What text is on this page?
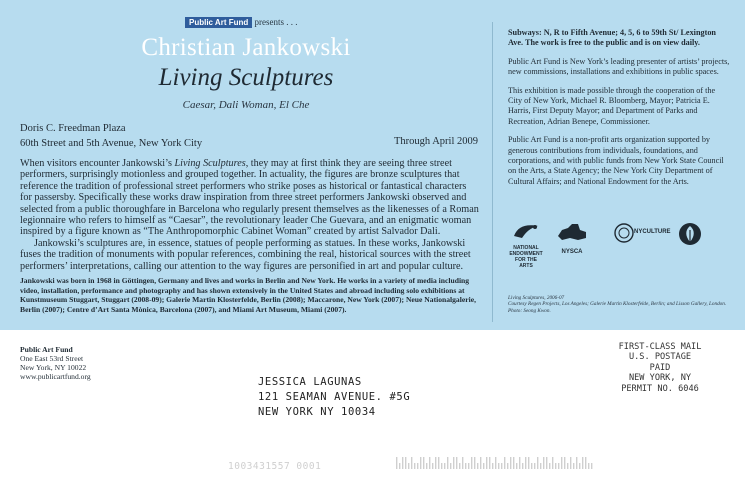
Public Art Fund presents . . .
Christian Jankowski
Living Sculptures
Caesar, Dali Woman, El Che
Doris C. Freedman Plaza
60th Street and 5th Avenue, New York City	Through April 2009

When visitors encounter Jankowski’s Living Sculptures, they may at first think they are seeing three street performers, surprisingly motionless and grouped together. In actuality, the figures are bronze sculptures that reference the tradition of professional street performers who strike poses as historical or fantastical characters for passersby. Specifically these works draw inspiration from three street performers Jankowski observed and selected from a public thoroughfare in Barcelona who regularly present themselves as the likenesses of a Roman legionnaire who refers to himself as “Caesar”, the revolutionary leader Che Guevara, and an enigmatic woman inspired by a figure known as “The Anthropomorphic Cabinet Woman” created by artist Salvador Dali.

Jankowski’s sculptures are, in essence, statues of people performing as statues. In these works, Jankowski fuses the tradition of monuments with popular references, combining the real, historical sources with the street performers’ interpretations, calling our attention to the way figures are personified in art and popular culture.

Jankowski was born in 1968 in Göttingen, Germany and lives and works in Berlin and New York. He works in a variety of media including video, installation, performance and photography and has shown extensively in the United States and abroad including solo exhibitions at Kunstmuseum Stuggart, Stuggart (2008-09); Galerie Martin Klosterfelde, Berlin (2008); Maccarone, New York (2007); Neue Nationalgalerie, Berlin (2007); Centre d’Art Santa Mònica, Barcelona (2007), and Miami Art Museum, Miami (2007).

Subways: N, R to Fifth Avenue; 4, 5, 6 to 59th St/ Lexington Ave. The work is free to the public and is on view daily.

Public Art Fund is New York’s leading presenter of artists’ projects, new commissions, installations and exhibitions in public spaces.

This exhibition is made possible through the cooperation of the City of New York, Michael R. Bloomberg, Mayor; Patricia E. Harris, First Deputy Mayor; and Department of Parks and Recreation, Adrian Benepe, Commissioner.

Public Art Fund is a non-profit arts organization supported by generous contributions from individuals, foundations, and corporations, and with public funds from New York State Council on the Arts, a State Agency; the New York City Department of Cultural Affairs; and National Endowment for the Arts.

NATIONAL ENDOWMENT FOR THE ARTS
NYSCA
NYCULTURE
Living Sculptures, 2006-07
Courtesy Regen Projects, Los Angeles; Galerie Martin Klosterfelde, Berlin; and Lisson Gallery, London.
Photo: Seong Kwon.
Public Art Fund
One East 53rd Street
New York, NY 10022
www.publicartfund.org
FIRST-CLASS MAIL
U.S. POSTAGE
PAID
NEW YORK, NY
PERMIT NO. 6046
JESSICA LAGUNAS
121 SEAMAN AVENUE. #5G
NEW YORK NY 10034
1003431557 0001
